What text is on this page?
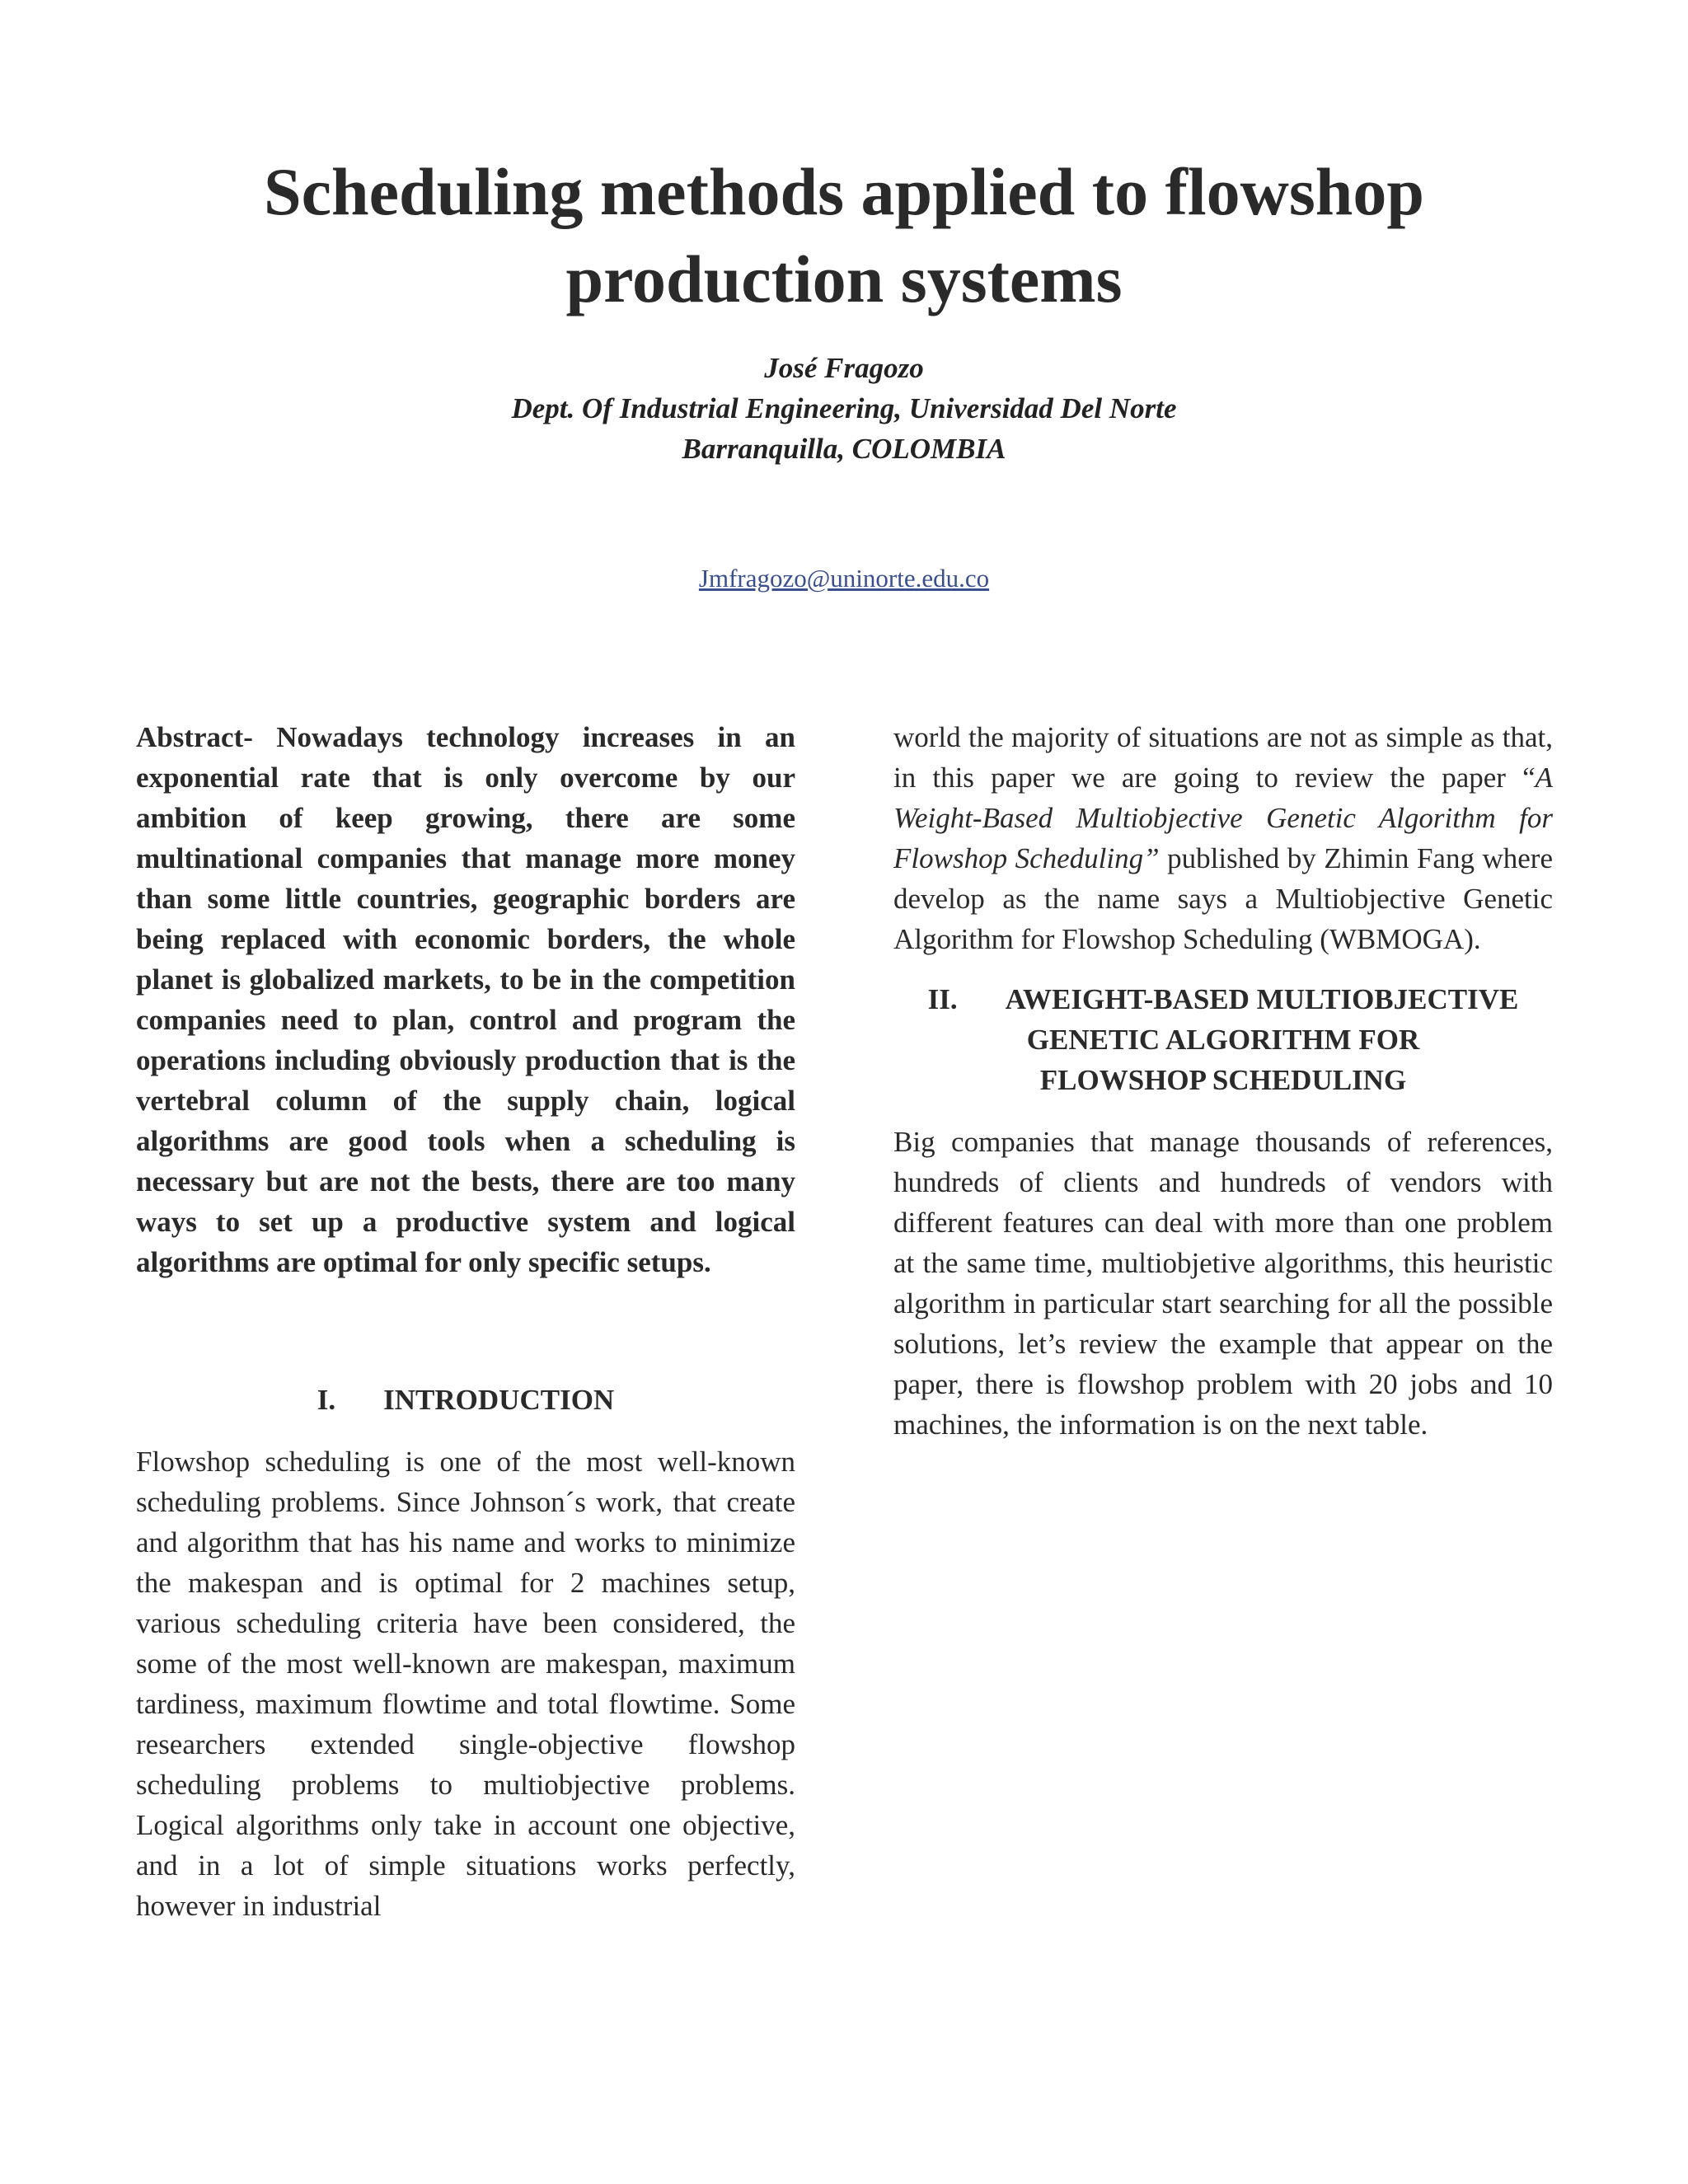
Scheduling methods applied to flowshop
production systems
José Fragozo
Dept. Of Industrial Engineering, Universidad Del Norte
Barranquilla, COLOMBIA
Jmfragozo@uninorte.edu.co

Abstract- Nowadays technology increases in an exponential rate that is only overcome by our ambition of keep growing, there are some multinational companies that manage more money than some little countries, geographic borders are being replaced with economic borders, the whole planet is globalized markets, to be in the competition companies need to plan, control and program the operations including obviously production that is the vertebral column of the supply chain, logical algorithms are good tools when a scheduling is necessary but are not the bests, there are too many ways to set up a productive system and logical algorithms are optimal for only specific setups.

I. INTRODUCTION

Flowshop scheduling is one of the most well-known scheduling problems. Since Johnson´s work, that create and algorithm that has his name and works to minimize the makespan and is optimal for 2 machines setup, various scheduling criteria have been considered, the some of the most well-known are makespan, maximum tardiness, maximum flowtime and total flowtime. Some researchers extended single-objective flowshop scheduling problems to multiobjective problems. Logical algorithms only take in account one objective, and in a lot of simple situations works perfectly, however in industrial

world the majority of situations are not as simple as that, in this paper we are going to review the paper “A Weight-Based Multiobjective Genetic Algorithm for Flowshop Scheduling” published by Zhimin Fang where develop as the name says a Multiobjective Genetic Algorithm for Flowshop Scheduling (WBMOGA).

II. AWEIGHT-BASED MULTIOBJECTIVE
GENETIC ALGORITHM FOR
FLOWSHOP SCHEDULING

Big companies that manage thousands of references, hundreds of clients and hundreds of vendors with different features can deal with more than one problem at the same time, multiobjetive algorithms, this heuristic algorithm in particular start searching for all the possible solutions, let’s review the example that appear on the paper, there is flowshop problem with 20 jobs and 10 machines, the information is on the next table.
